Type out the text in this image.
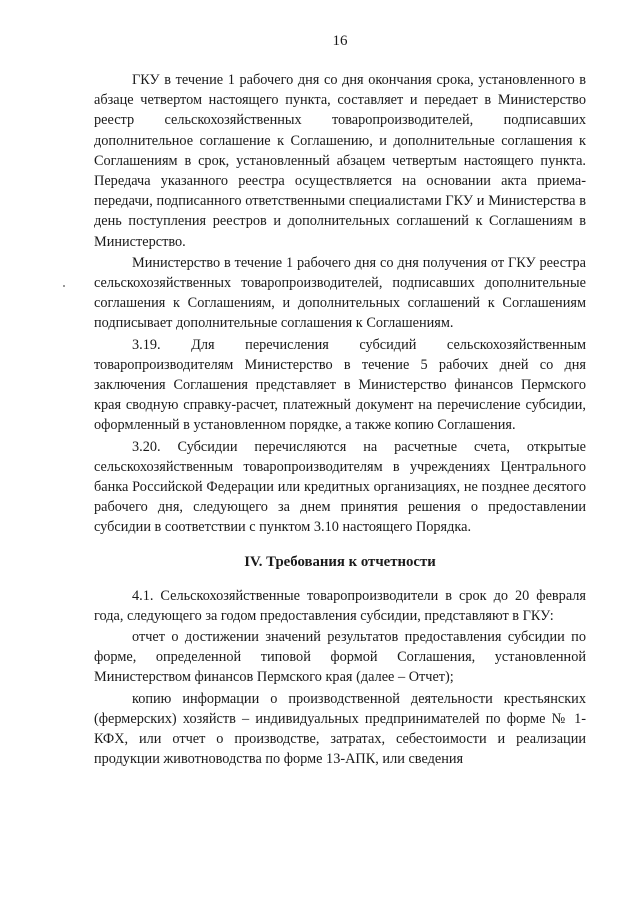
16

ГКУ в течение 1 рабочего дня со дня окончания срока, установленного в абзаце четвертом настоящего пункта, составляет и передает в Министерство реестр сельскохозяйственных товаропроизводителей, подписавших дополнительное соглашение к Соглашению, и дополнительные соглашения к Соглашениям в срок, установленный абзацем четвертым настоящего пункта. Передача указанного реестра осуществляется на основании акта приема-передачи, подписанного ответственными специалистами ГКУ и Министерства в день поступления реестров и дополнительных соглашений к Соглашениям в Министерство.

Министерство в течение 1 рабочего дня со дня получения от ГКУ реестра сельскохозяйственных товаропроизводителей, подписавших дополнительные соглашения к Соглашениям, и дополнительных соглашений к Соглашениям подписывает дополнительные соглашения к Соглашениям.

3.19. Для перечисления субсидий сельскохозяйственным товаропроизводителям Министерство в течение 5 рабочих дней со дня заключения Соглашения представляет в Министерство финансов Пермского края сводную справку-расчет, платежный документ на перечисление субсидии, оформленный в установленном порядке, а также копию Соглашения.

3.20. Субсидии перечисляются на расчетные счета, открытые сельскохозяйственным товаропроизводителям в учреждениях Центрального банка Российской Федерации или кредитных организациях, не позднее десятого рабочего дня, следующего за днем принятия решения о предоставлении субсидии в соответствии с пунктом 3.10 настоящего Порядка.

IV. Требования к отчетности

4.1. Сельскохозяйственные товаропроизводители в срок до 20 февраля года, следующего за годом предоставления субсидии, представляют в ГКУ:

отчет о достижении значений результатов предоставления субсидии по форме, определенной типовой формой Соглашения, установленной Министерством финансов Пермского края (далее – Отчет);

копию информации о производственной деятельности крестьянских (фермерских) хозяйств – индивидуальных предпринимателей по форме № 1-КФХ, или отчет о производстве, затратах, себестоимости и реализации продукции животноводства по форме 13-АПК, или сведения
